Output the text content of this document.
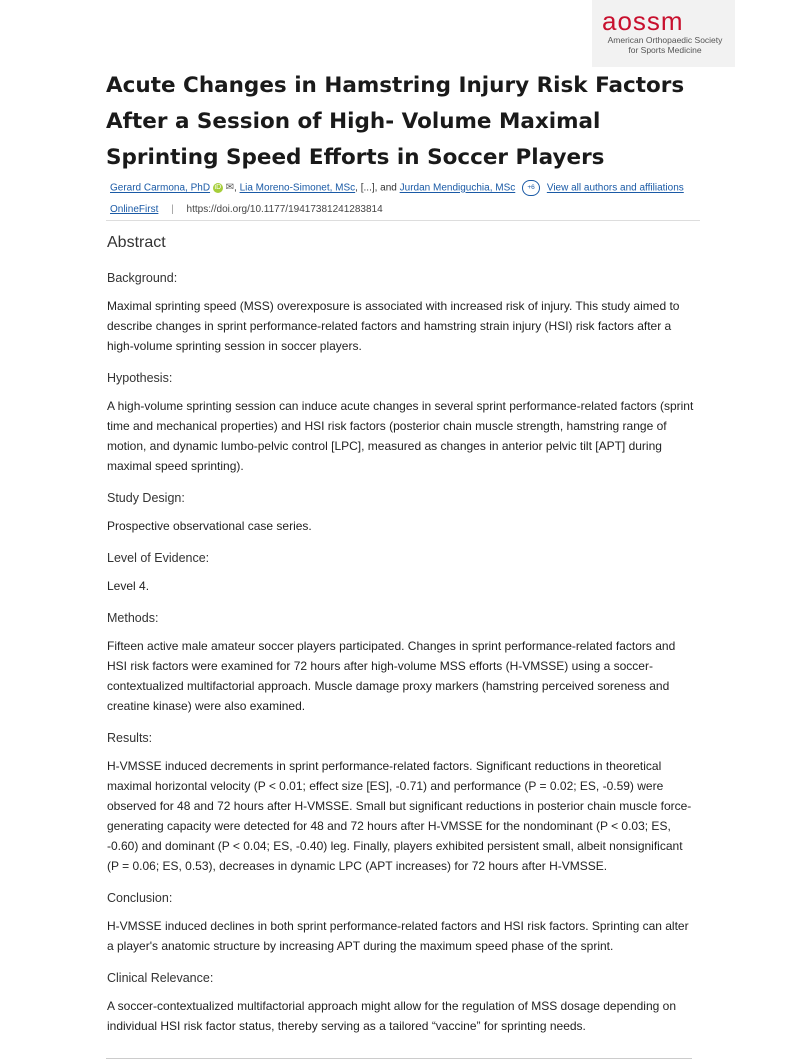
aossm
American Orthopaedic Society for Sports Medicine
Acute Changes in Hamstring Injury Risk Factors After a Session of High- Volume Maximal Sprinting Speed Efforts in Soccer Players
Gerard Carmona, PhD iD ✉, Lia Moreno-Simonet, MSc, [...], and Jurdan Mendiguchia, MSc +6 View all authors and affiliations
OnlineFirst | https://doi.org/10.1177/19417381241283814
Abstract
Background:

Maximal sprinting speed (MSS) overexposure is associated with increased risk of injury. This study aimed to describe changes in sprint performance-related factors and hamstring strain injury (HSI) risk factors after a high-volume sprinting session in soccer players.

Hypothesis:

A high-volume sprinting session can induce acute changes in several sprint performance-related factors (sprint time and mechanical properties) and HSI risk factors (posterior chain muscle strength, hamstring range of motion, and dynamic lumbo-pelvic control [LPC], measured as changes in anterior pelvic tilt [APT] during maximal speed sprinting).

Study Design:

Prospective observational case series.

Level of Evidence:

Level 4.

Methods:

Fifteen active male amateur soccer players participated. Changes in sprint performance-related factors and HSI risk factors were examined for 72 hours after high-volume MSS efforts (H-VMSSE) using a soccer-contextualized multifactorial approach. Muscle damage proxy markers (hamstring perceived soreness and creatine kinase) were also examined.

Results:

H-VMSSE induced decrements in sprint performance-related factors. Significant reductions in theoretical maximal horizontal velocity (P < 0.01; effect size [ES], -0.71) and performance (P = 0.02; ES, -0.59) were observed for 48 and 72 hours after H-VMSSE. Small but significant reductions in posterior chain muscle force-generating capacity were detected for 48 and 72 hours after H-VMSSE for the nondominant (P < 0.03; ES, -0.60) and dominant (P < 0.04; ES, -0.40) leg. Finally, players exhibited persistent small, albeit nonsignificant (P = 0.06; ES, 0.53), decreases in dynamic LPC (APT increases) for 72 hours after H-VMSSE.

Conclusion:

H-VMSSE induced declines in both sprint performance-related factors and HSI risk factors. Sprinting can alter a player's anatomic structure by increasing APT during the maximum speed phase of the sprint.

Clinical Relevance:

A soccer-contextualized multifactorial approach might allow for the regulation of MSS dosage depending on individual HSI risk factor status, thereby serving as a tailored “vaccine” for sprinting needs.
